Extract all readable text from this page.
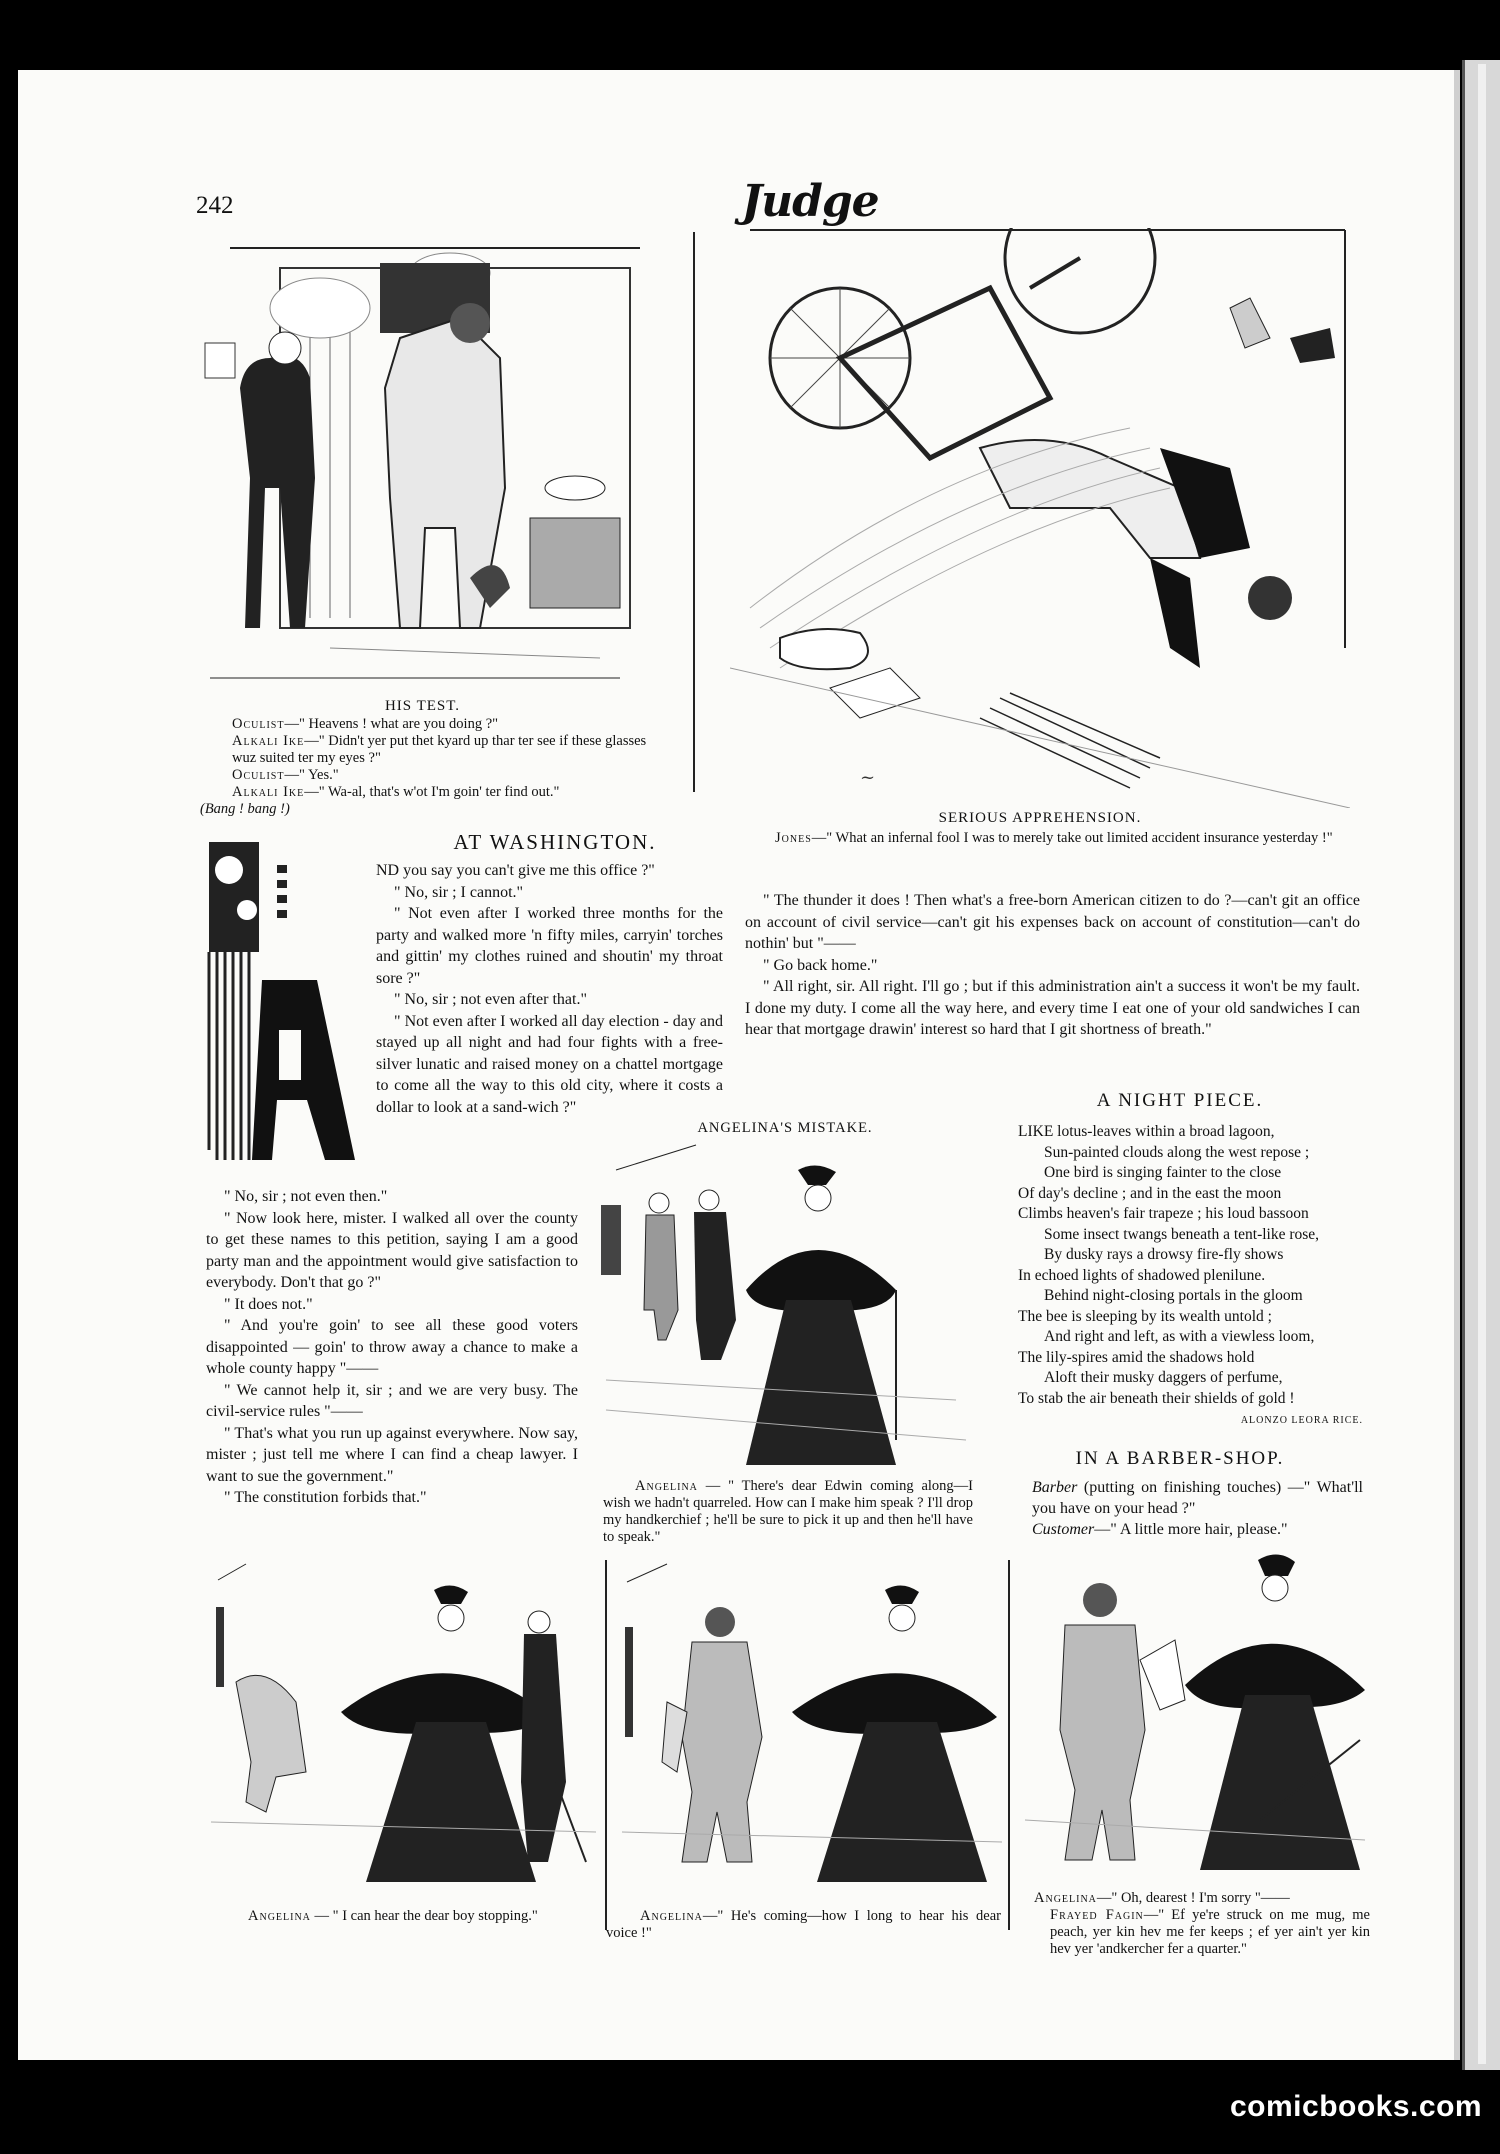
242	Judge
HIS TEST.
Oculist—" Heavens ! what are you doing ?"
Alkali Ike—" Didn't yer put thet kyard up thar ter see if these glasses wuz suited ter my eyes ?"
Oculist—" Yes."
Alkali Ike—" Wa-al, that's w'ot I'm goin' ter find out."
(Bang ! bang !)
~
SERIOUS APPREHENSION.
Jones—" What an infernal fool I was to merely take out limited accident insurance yesterday !"
AT WASHINGTON.

ND you say you can't give me this office ?"

" No, sir ; I cannot."

" Not even after I worked three months for the party and walked more 'n fifty miles, carryin' torches and gittin' my clothes ruined and shoutin' my throat sore ?"

" No, sir ; not even after that."

" Not even after I worked all day election - day and stayed up all night and had four fights with a free-silver lunatic and raised money on a chattel mortgage to come all the way to this old city, where it costs a dollar to look at a sand-wich ?"

" No, sir ; not even then."

" Now look here, mister. I walked all over the county to get these names to this petition, saying I am a good party man and the appointment would give satisfaction to everybody. Don't that go ?"

" It does not."

" And you're goin' to see all these good voters disappointed — goin' to throw away a chance to make a whole county happy "——

" We cannot help it, sir ; and we are very busy. The civil-service rules "——

" That's what you run up against everywhere. Now say, mister ; just tell me where I can find a cheap lawyer. I want to sue the government."

" The constitution forbids that."

" The thunder it does ! Then what's a free-born American citizen to do ?—can't git an office on account of civil service—can't git his expenses back on account of constitution—can't do nothin' but "——

" Go back home."

" All right, sir. All right. I'll go ; but if this administration ain't a success it won't be my fault. I done my duty. I come all the way here, and every time I eat one of your old sandwiches I can hear that mortgage drawin' interest so hard that I git shortness of breath."

A NIGHT PIECE.
LIKE lotus-leaves within a broad lagoon,
Sun-painted clouds along the west repose ;
One bird is singing fainter to the close
Of day's decline ; and in the east the moon
Climbs heaven's fair trapeze ; his loud bassoon
Some insect twangs beneath a tent-like rose,
By dusky rays a drowsy fire-fly shows
In echoed lights of shadowed plenilune.
Behind night-closing portals in the gloom
The bee is sleeping by its wealth untold ;
And right and left, as with a viewless loom,
The lily-spires amid the shadows hold
Aloft their musky daggers of perfume,
To stab the air beneath their shields of gold !
ALONZO LEORA RICE.
IN A BARBER-SHOP.
Barber (putting on finishing touches) —" What'll you have on your head ?"
Customer—" A little more hair, please."
ANGELINA'S MISTAKE.
Angelina — " There's dear Edwin coming along—I wish we hadn't quarreled. How can I make him speak ? I'll drop my handkerchief ; he'll be sure to pick it up and then he'll have to speak."
Angelina — " I can hear the dear boy stopping."	Angelina—" He's coming—how I long to hear his dear voice !"
Angelina—" Oh, dearest ! I'm sorry "——
Frayed Fagin—" Ef ye're struck on me mug, me peach, yer kin hev me fer keeps ; ef yer ain't yer kin hev yer 'andkercher fer a quarter."
comicbooks.com
